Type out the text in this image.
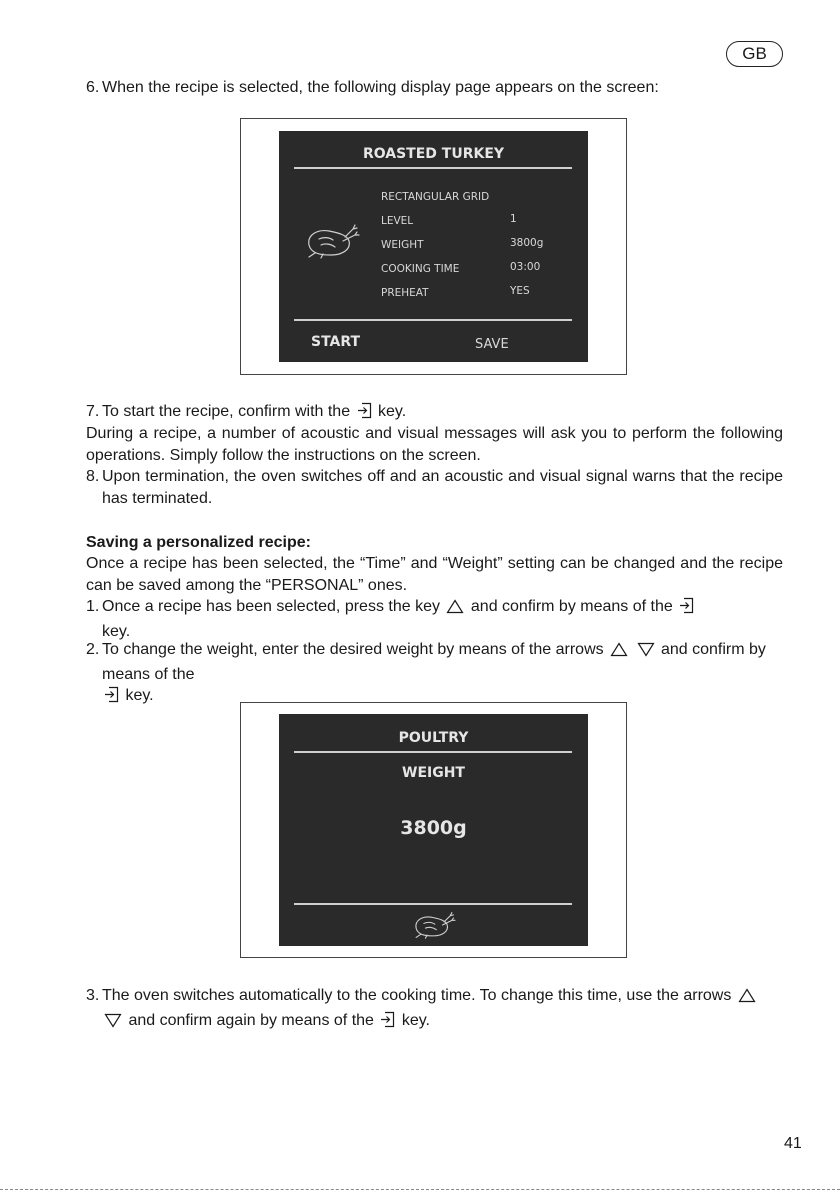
GB
6. When the recipe is selected, the following display page appears on the screen:
ROASTED TURKEY
RECTANGULAR GRID
LEVEL	1
WEIGHT	3800g
COOKING TIME	03:00
PREHEAT	YES
START	SAVE
7. To start the recipe, confirm with the key.

During a recipe, a number of acoustic and visual messages will ask you to perform the following operations. Simply follow the instructions on the screen.

8. Upon termination, the oven switches off and an acoustic and visual signal warns that the recipe has terminated.
Saving a personalized recipe:

Once a recipe has been selected, the “Time” and “Weight” setting can be changed and the recipe can be saved among the “PERSONAL” ones.

1. Once a recipe has been selected, press the key and confirm by means of the
key.
2. To change the weight, enter the desired weight by means of the arrows	and confirm by means of the
key.
POULTRY
WEIGHT
3800g
3. The oven switches automatically to the cooking time. To change this time, use the arrows   and confirm again by means of the key.
41
